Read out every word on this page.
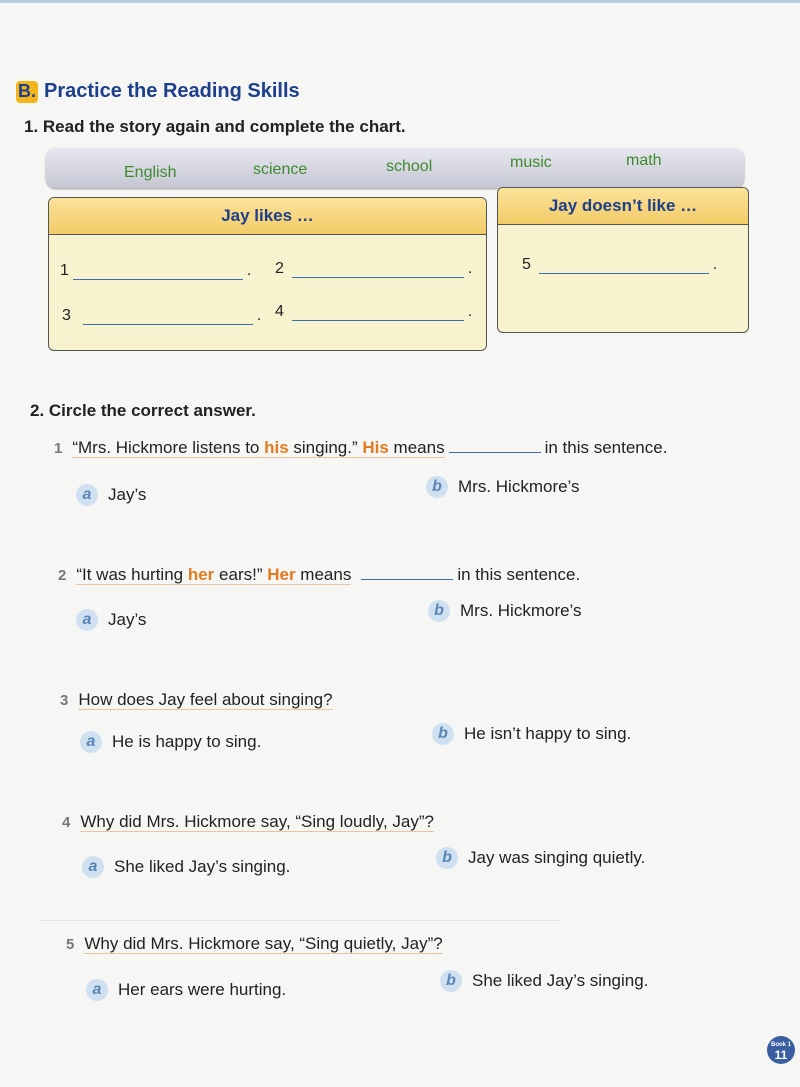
B. Practice the Reading Skills
1. Read the story again and complete the chart.
English	science	school	music	math
Jay likes …
Jay doesn’t like …
1	. 2	.
3	. 4	.
5	.
2. Circle the correct answer.
1 “Mrs. Hickmore listens to his singing.” His means	in this sentence.
a Jay’s	b Mrs. Hickmore’s
2 “It was hurting her ears!” Her means	in this sentence.
a Jay’s	b Mrs. Hickmore’s
3 How does Jay feel about singing?
a He is happy to sing.	b He isn’t happy to sing.
4 Why did Mrs. Hickmore say, “Sing loudly, Jay”?
a She liked Jay’s singing.	b Jay was singing quietly.
5 Why did Mrs. Hickmore say, “Sing quietly, Jay”?
a Her ears were hurting.	b She liked Jay’s singing.
Book 1
11
